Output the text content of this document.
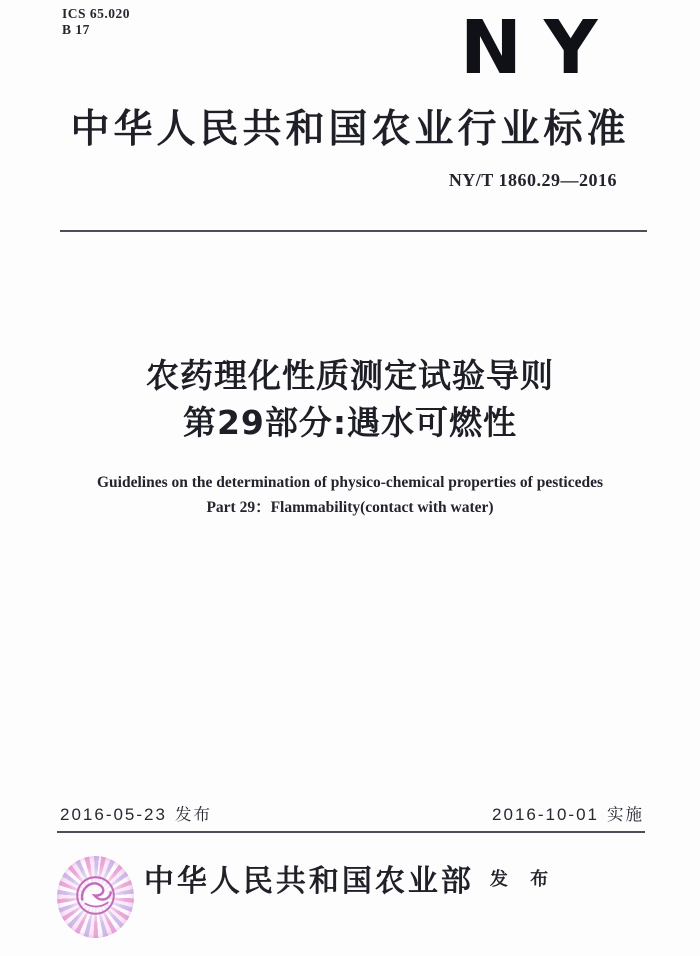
ICS 65.020
B 17	NY
中华人民共和国农业行业标准
NY/T 1860.29—2016
农药理化性质测定试验导则
第29部分:遇水可燃性
Guidelines on the determination of physico-chemical properties of pesticedes
Part 29：Flammability(contact with water)
2016-05-23 发布	2016-10-01 实施
中华人民共和国农业部 发 布
